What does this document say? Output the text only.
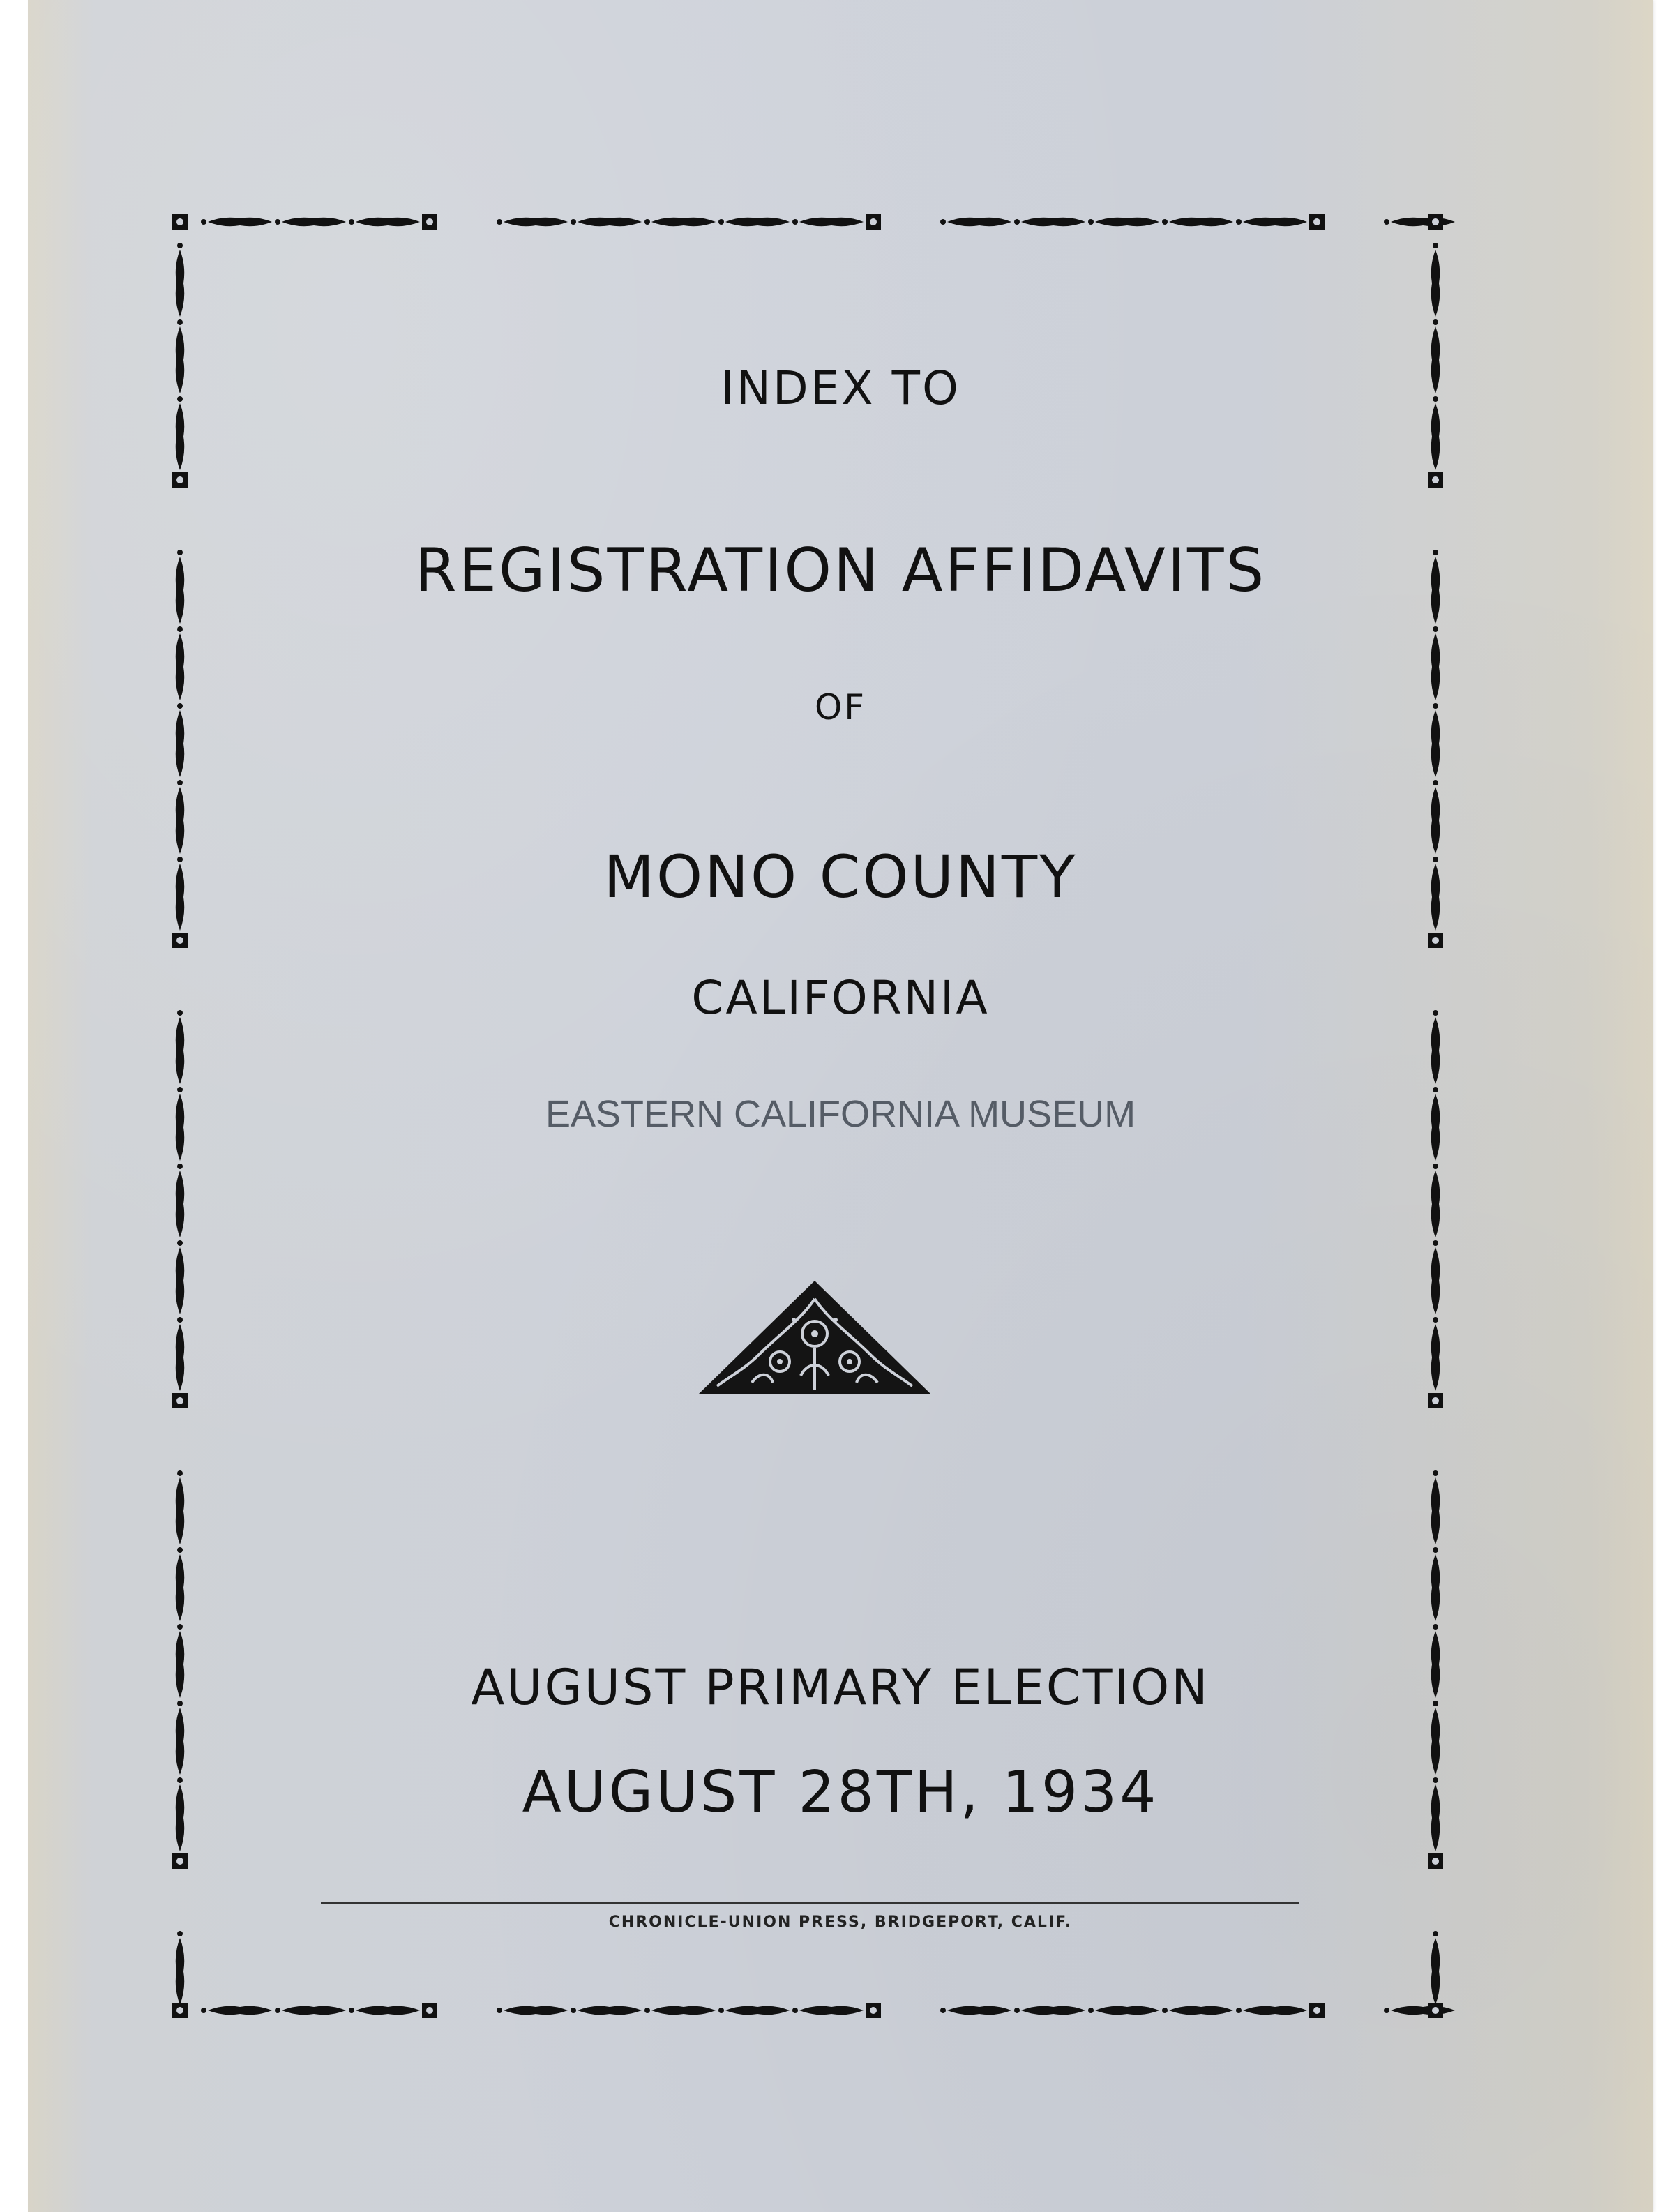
INDEX TO
REGISTRATION AFFIDAVITS
OF
MONO COUNTY
CALIFORNIA
EASTERN CALIFORNIA MUSEUM
AUGUST PRIMARY ELECTION
AUGUST 28TH, 1934
CHRONICLE-UNION PRESS, BRIDGEPORT, CALIF.
